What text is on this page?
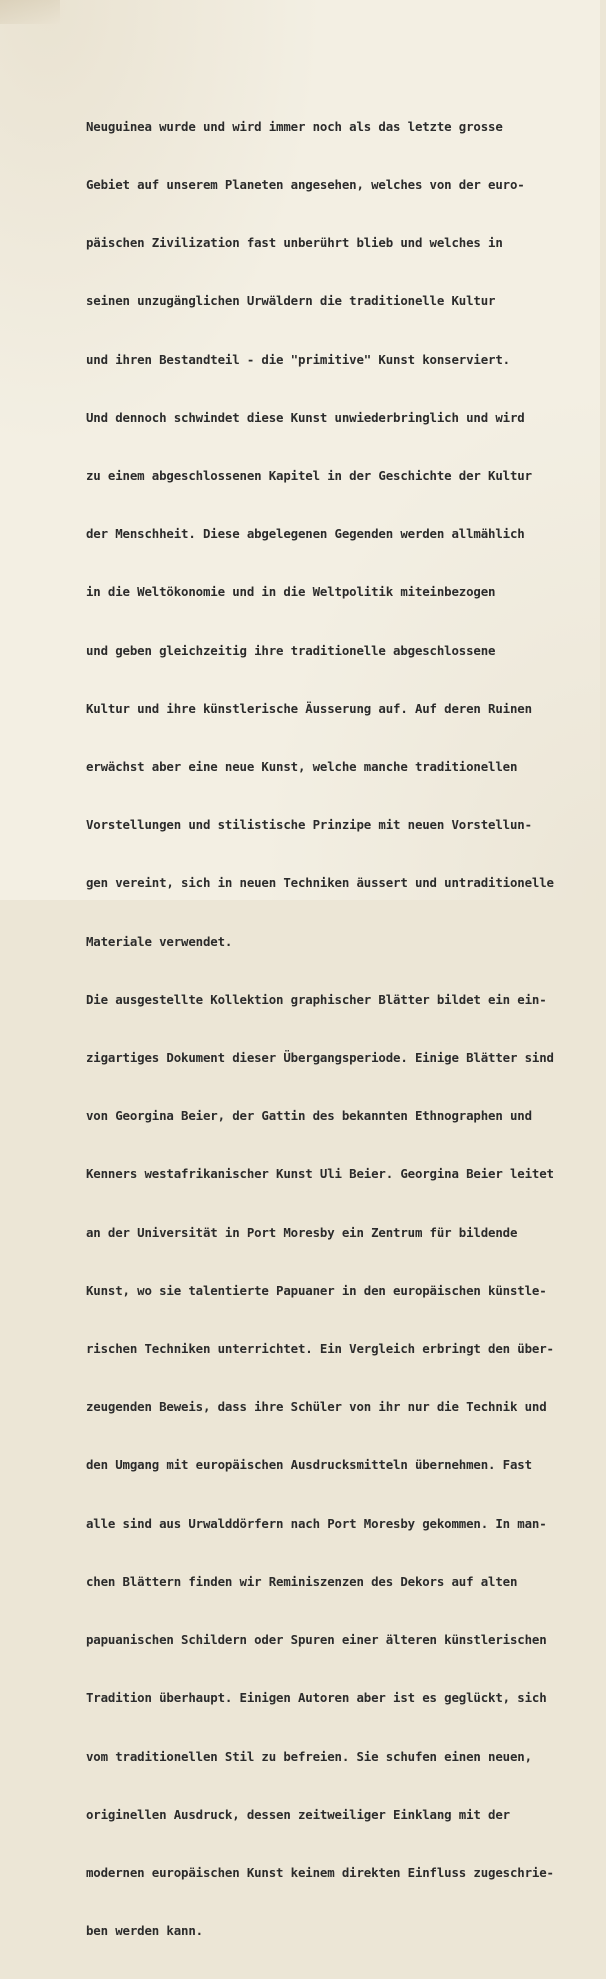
Neuguinea wurde und wird immer noch als das letzte grosse

Gebiet auf unserem Planeten angesehen, welches von der euro-

päischen Zivilization fast unberührt blieb und welches in

seinen unzugänglichen Urwäldern die traditionelle Kultur

und ihren Bestandteil - die "primitive" Kunst konserviert.

Und dennoch schwindet diese Kunst unwiederbringlich und wird

zu einem abgeschlossenen Kapitel in der Geschichte der Kultur

der Menschheit. Diese abgelegenen Gegenden werden allmählich

in die Weltökonomie und in die Weltpolitik miteinbezogen

und geben gleichzeitig ihre traditionelle abgeschlossene

Kultur und ihre künstlerische Äusserung auf. Auf deren Ruinen

erwächst aber eine neue Kunst, welche manche traditionellen

Vorstellungen und stilistische Prinzipe mit neuen Vorstellun-

gen vereint, sich in neuen Techniken äussert und untraditionelle

Materiale verwendet.

Die ausgestellte Kollektion graphischer Blätter bildet ein ein-

zigartiges Dokument dieser Übergangsperiode. Einige Blätter sind

von Georgina Beier, der Gattin des bekannten Ethnographen und

Kenners westafrikanischer Kunst Uli Beier. Georgina Beier leitet

an der Universität in Port Moresby ein Zentrum für bildende

Kunst, wo sie talentierte Papuaner in den europäischen künstle-

rischen Techniken unterrichtet. Ein Vergleich erbringt den über-

zeugenden Beweis, dass ihre Schüler von ihr nur die Technik und

den Umgang mit europäischen Ausdrucksmitteln übernehmen. Fast

alle sind aus Urwalddörfern nach Port Moresby gekommen. In man-

chen Blättern finden wir Reminiszenzen des Dekors auf alten

papuanischen Schildern oder Spuren einer älteren künstlerischen

Tradition überhaupt. Einigen Autoren aber ist es geglückt, sich

vom traditionellen Stil zu befreien. Sie schufen einen neuen,

originellen Ausdruck, dessen zeitweiliger Einklang mit der

modernen europäischen Kunst keinem direkten Einfluss zugeschrie-

ben werden kann.
